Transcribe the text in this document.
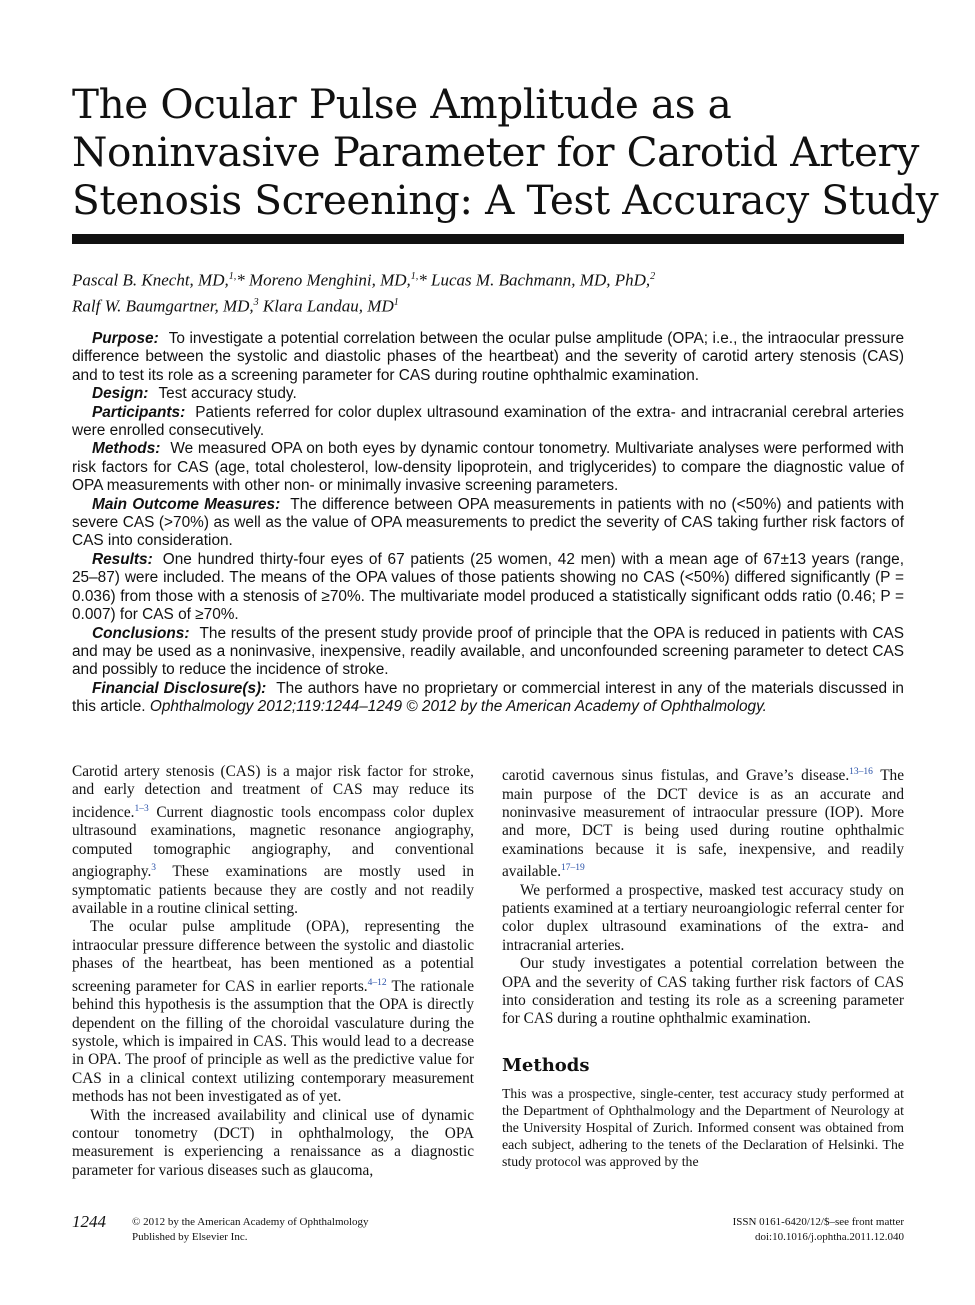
The Ocular Pulse Amplitude as a
Noninvasive Parameter for Carotid Artery
Stenosis Screening: A Test Accuracy Study
Pascal B. Knecht, MD,$^{1,}$* Moreno Menghini, MD,$^{1,}$* Lucas M. Bachmann, MD, PhD,$^2$
Ralf W. Baumgartner, MD,$^3$ Klara Landau, $MD^1$

Purpose: To investigate a potential correlation between the ocular pulse amplitude (OPA; i.e., the intraocular pressure difference between the systolic and diastolic phases of the heartbeat) and the severity of carotid artery stenosis (CAS) and to test its role as a screening parameter for CAS during routine ophthalmic examination.

Design: Test accuracy study.

Participants: Patients referred for color duplex ultrasound examination of the extra- and intracranial cerebral arteries were enrolled consecutively.

Methods: We measured OPA on both eyes by dynamic contour tonometry. Multivariate analyses were performed with risk factors for CAS (age, total cholesterol, low-density lipoprotein, and triglycerides) to compare the diagnostic value of OPA measurements with other non- or minimally invasive screening parameters.

Main Outcome Measures: The difference between OPA measurements in patients with no (<50%) and patients with severe CAS (>70%) as well as the value of OPA measurements to predict the severity of CAS taking further risk factors of CAS into consideration.

Results: One hundred thirty-four eyes of 67 patients (25 women, 42 men) with a mean age of 67±13 years (range, 25–87) were included. The means of the OPA values of those patients showing no CAS (<50%) differed significantly (P = 0.036) from those with a stenosis of ≥70%. The multivariate model produced a statistically significant odds ratio (0.46; P = 0.007) for CAS of ≥70%.

Conclusions: The results of the present study provide proof of principle that the OPA is reduced in patients with CAS and may be used as a noninvasive, inexpensive, readily available, and unconfounded screening parameter to detect CAS and possibly to reduce the incidence of stroke.

Financial Disclosure(s): The authors have no proprietary or commercial interest in any of the materials discussed in this article. Ophthalmology 2012;119:1244–1249 © 2012 by the American Academy of Ophthalmology.

Carotid artery stenosis (CAS) is a major risk factor for stroke, and early detection and treatment of CAS may reduce its incidence.$^{1-3}$ Current diagnostic tools encompass color duplex ultrasound examinations, magnetic resonance angiography, computed tomographic angiography, and conventional angiography.$^3$ These examinations are mostly used in symptomatic patients because they are costly and not readily available in a routine clinical setting.

The ocular pulse amplitude (OPA), representing the intraocular pressure difference between the systolic and diastolic phases of the heartbeat, has been mentioned as a potential screening parameter for CAS in earlier reports.$^{4-12}$ The rationale behind this hypothesis is the assumption that the OPA is directly dependent on the filling of the choroidal vasculature during the systole, which is impaired in CAS. This would lead to a decrease in OPA. The proof of principle as well as the predictive value for CAS in a clinical context utilizing contemporary measurement methods has not been investigated as of yet.

With the increased availability and clinical use of dynamic contour tonometry (DCT) in ophthalmology, the OPA measurement is experiencing a renaissance as a diagnostic parameter for various diseases such as glaucoma,

carotid cavernous sinus fistulas, and Grave’s disease.$^{13-16}$ The main purpose of the DCT device is as an accurate and noninvasive measurement of intraocular pressure (IOP). More and more, DCT is being used during routine ophthalmic examinations because it is safe, inexpensive, and readily available.$^{17-19}$

We performed a prospective, masked test accuracy study on patients examined at a tertiary neuroangiologic referral center for color duplex ultrasound examinations of the extra- and intracranial arteries.

Our study investigates a potential correlation between the OPA and the severity of CAS taking further risk factors of CAS into consideration and testing its role as a screening parameter for CAS during a routine ophthalmic examination.

Methods

This was a prospective, single-center, test accuracy study performed at the Department of Ophthalmology and the Department of Neurology at the University Hospital of Zurich. Informed consent was obtained from each subject, adhering to the tenets of the Declaration of Helsinki. The study protocol was approved by the

1244 © 2012 by the American Academy of Ophthalmology
Published by Elsevier Inc.
ISSN 0161-6420/12/$–see front matter
doi:10.1016/j.ophtha.2011.12.040
